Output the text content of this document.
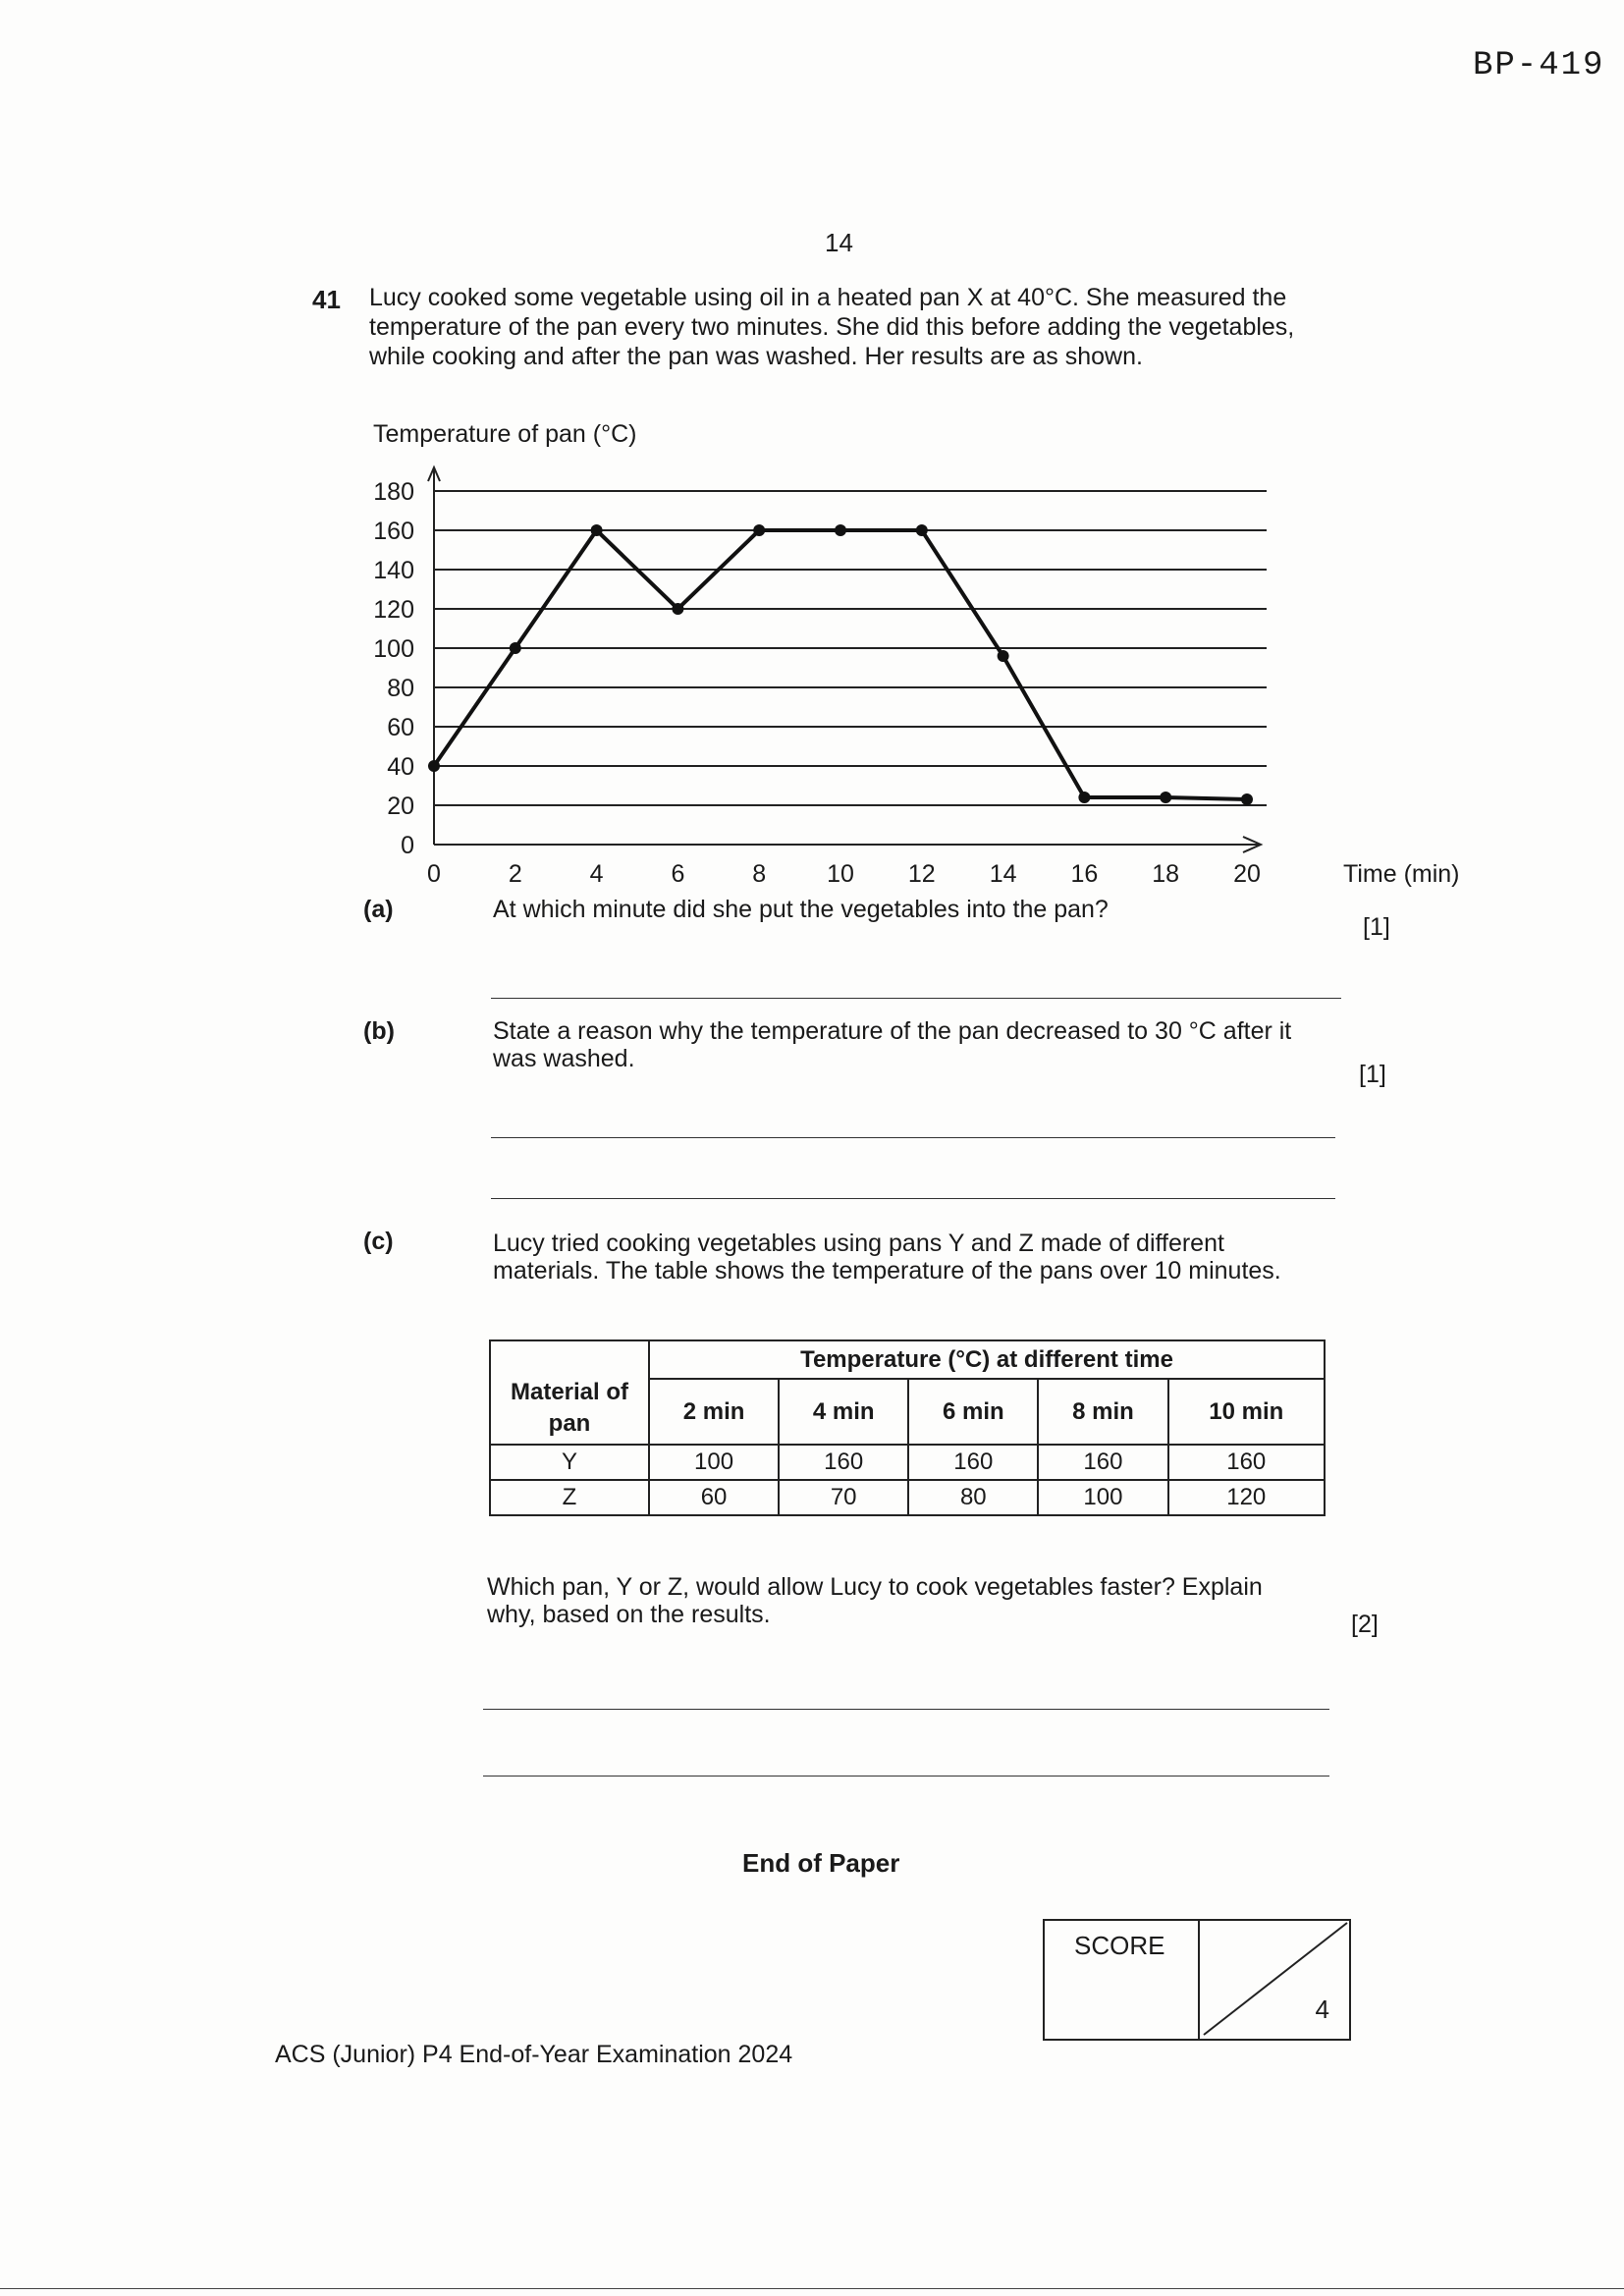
BP-419
14
41 Lucy cooked some vegetable using oil in a heated pan X at 40°C. She measured the
temperature of the pan every two minutes. She did this before adding the vegetables,
while cooking and after the pan was washed. Her results are as shown.
Temperature of pan (°C)
0
20
40
60
80
100
120
140
160
180
0	2	4	6	8 10 12 14 16 18 20	Time (min)
(a)	At which minute did she put the vegetables into the pan?
[1]
(b)	State a reason why the temperature of the pan decreased to 30 °C after it
was washed.
[1]
(c)	Lucy tried cooking vegetables using pans Y and Z made of different
materials. The table shows the temperature of the pans over 10 minutes.
Material of pan	Temperature (°C) at different time				
	2 min	4 min	6 min	8 min	10 min
Y	100	160	160	160	160
Z	60	70	80	100	120
Which pan, Y or Z, would allow Lucy to cook vegetables faster? Explain
why, based on the results.	[2]
End of Paper
SCORE
4
ACS (Junior) P4 End-of-Year Examination 2024
